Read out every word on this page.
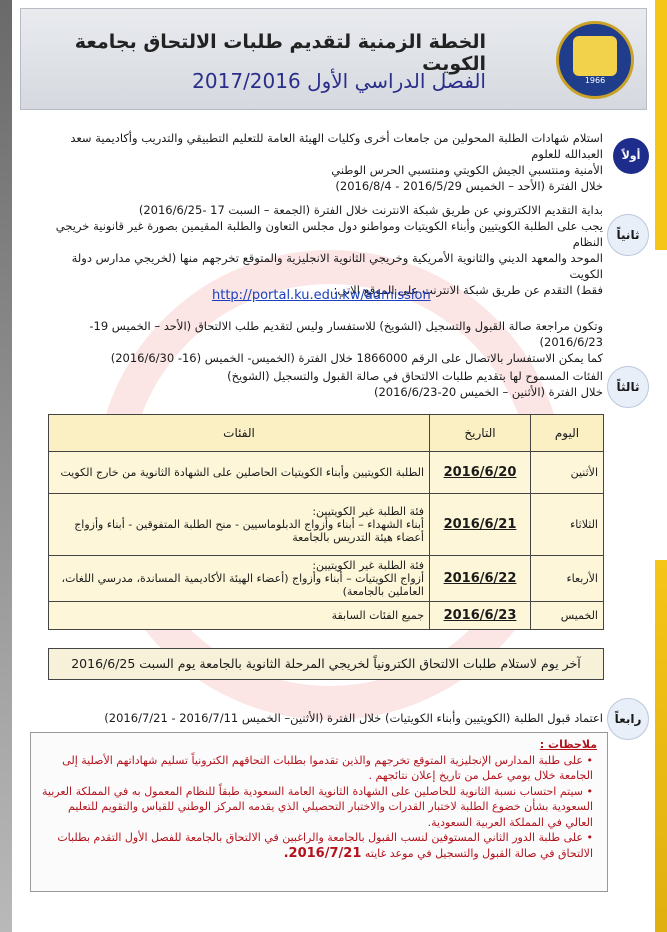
الخطة الزمنية لتقديم طلبات الالتحاق بجامعة الكويت
الفصل الدراسي الأول 2017/2016	1966
أولاً
استلام شهادات الطلبة المحولين من جامعات أخرى وكليات الهيئة العامة للتعليم التطبيقي والتدريب وأكاديمية سعد العبدالله للعلوم
الأمنية ومنتسبي الجيش الكويتي ومنتسبي الحرس الوطني
خلال الفترة (الأحد – الخميس 2016/5/29 - 2016/8/4)
ثانياً
بداية التقديم الالكتروني عن طريق شبكة الانترنت خلال الفترة (الجمعة – السبت 17 -2016/6/25)
يجب على الطلبة الكويتيين وأبناء الكويتيات ومواطنو دول مجلس التعاون والطلبة المقيمين بصورة غير قانونية خريجي النظام
الموحد والمعهد الديني والثانوية الأمريكية وخريجي الثانوية الانجليزية والمتوقع تخرجهم منها (لخريجي مدارس دولة الكويت
فقط) التقدم عن طريق شبكة الانترنت على الموقع الاتي:
http://portal.ku.edu.kw/admission
وتكون مراجعة صالة القبول والتسجيل (الشويخ) للاستفسار وليس لتقديم طلب الالتحاق (الأحد – الخميس 19-2016/6/23)
كما يمكن الاستفسار بالاتصال على الرقم 1866000 خلال الفترة (الخميس- الخميس (16- 2016/6/30)
ثالثاً
الفئات المسموح لها بتقديم طلبات الالتحاق في صالة القبول والتسجيل (الشويخ)
خلال الفترة (الأثنين – الخميس 20-2016/6/23)
اليوم	التاريخ	الفئات
الأثنين	2016/6/20	الطلبة الكويتيين وأبناء الكويتيات الحاصلين على الشهادة الثانوية من خارج الكويت

الثلاثاء	2016/6/21	فئة الطلبة غير الكويتيين:
أبناء الشهداء – أبناء وأزواج الدبلوماسيين - منح الطلبة المتفوقين - أبناء وأزواج أعضاء هيئة التدريس بالجامعة

الأربعاء	2016/6/22	فئة الطلبة غير الكويتيين:
أزواج الكويتيات – أبناء وأزواج (أعضاء الهيئة الأكاديمية المساندة، مدرسي اللغات، العاملين بالجامعة)

الخميس	2016/6/23	جميع الفئات السابقة
آخر يوم لاستلام طلبات الالتحاق الكترونياً لخريجي المرحلة الثانوية بالجامعة يوم السبت 2016/6/25
رابعاً
اعتماد قبول الطلبة (الكويتيين وأبناء الكويتيات) خلال الفترة (الأثنين– الخميس 2016/7/11 - 2016/7/21)
ملاحظات :
• على طلبة المدارس الإنجليزية المتوقع تخرجهم والذين تقدموا بطلبات التحاقهم الكترونياً تسليم شهاداتهم الأصلية إلى الجامعة خلال يومي عمل من تاريخ إعلان نتائجهم .
• سيتم احتساب نسبة الثانوية للحاصلين على الشهادة الثانوية العامة السعودية طبقاً للنظام المعمول به في المملكة العربية السعودية بشأن خضوع الطلبة لاختبار القدرات والاختبار التحصيلي الذي يقدمه المركز الوطني للقياس والتقويم للتعليم العالي في المملكة العربية السعودية.
• على طلبة الدور الثاني المستوفين لنسب القبول بالجامعة والراغبين في الالتحاق بالجامعة للفصل الأول التقدم بطلبات الالتحاق في صالة القبول والتسجيل في موعد غايته 2016/7/21.
